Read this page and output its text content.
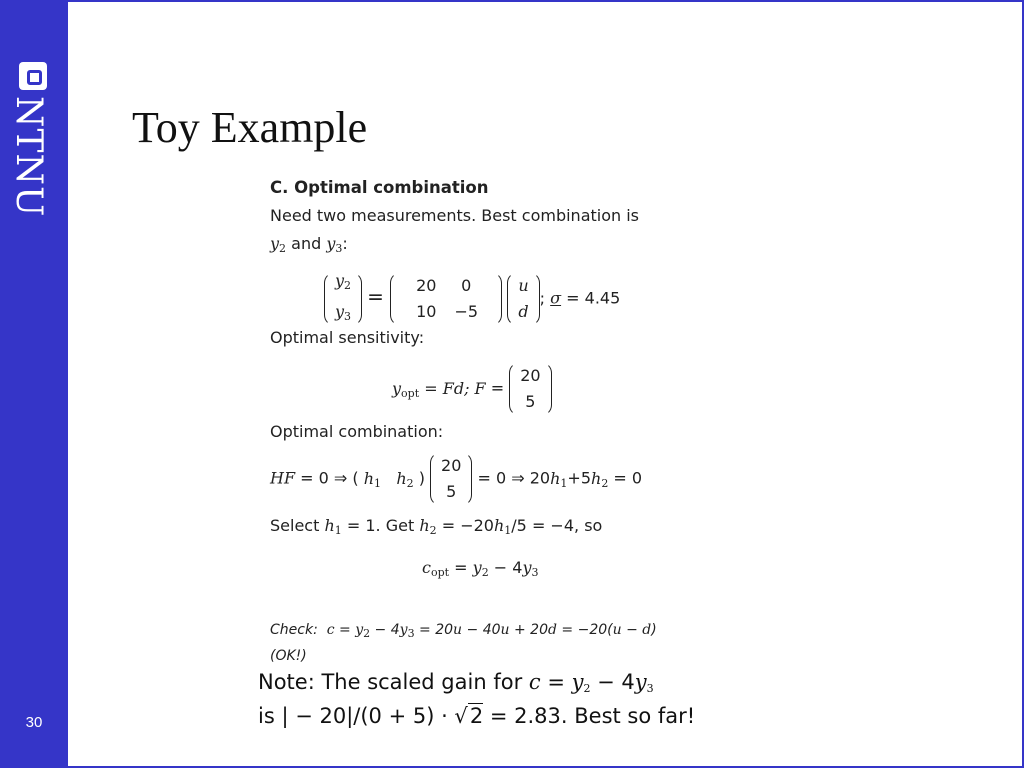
NTNU
30
Toy Example
C. Optimal combination
Need two measurements. Best combination is
$y_2$ and $y_3$:
$y_2$
$y_3 = 20$ 0
10 −5 u
d; σ = 4.45
Optimal sensitivity:
$y_{opt} = Fd$; F = 20
5
Optimal combination:
HF = 0 ⇒ ( $h_1$ $h_2$ ) 20
5 = 0 ⇒ $20h_1+5h_2 = 0$
Select $h_1 = 1$. Get $h_2 = -20h_1/5 = -4$, so
$c_{opt} = y_2 - 4y_3$
Check: $c = y_2 - 4y_3 = 20u - 40u + 20d = -20(u - d)$
(OK!)
Note: The scaled gain for $c = y_2 - 4y_3$
is | − 20|/(0 + 5) · √2 = 2.83. Best so far!
